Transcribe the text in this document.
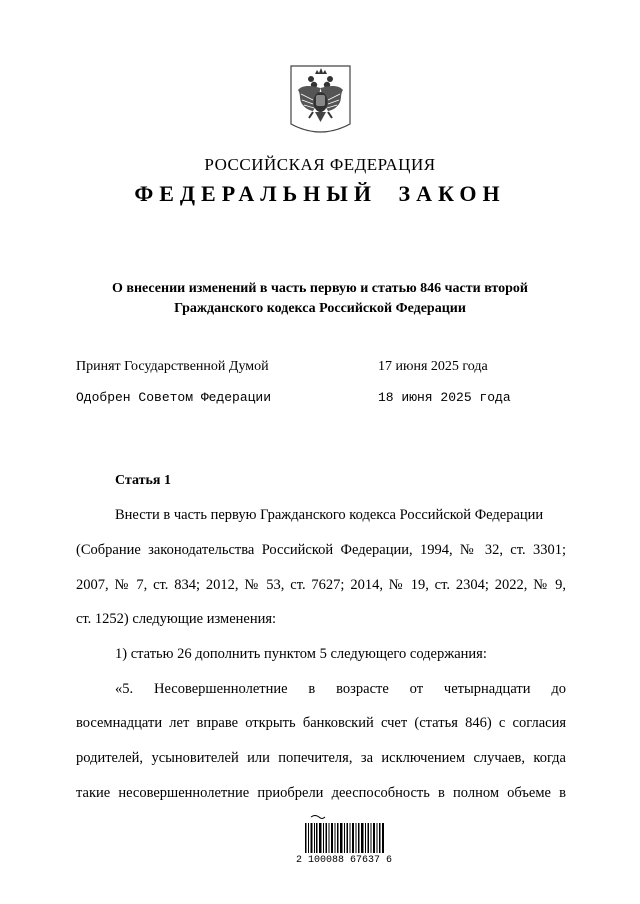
РОССИЙСКАЯ ФЕДЕРАЦИЯ
ФЕДЕРАЛЬНЫЙ ЗАКОН
О внесении изменений в часть первую и статью 846 части второй
Гражданского кодекса Российской Федерации
Принят Государственной Думой	17 июня 2025 года
Одобрен Советом Федерации	18 июня 2025 года
Статья 1
Внести в часть первую Гражданского кодекса Российской Федерации
(Собрание законодательства Российской Федерации, 1994, № 32, ст. 3301;
2007, № 7, ст. 834; 2012, № 53, ст. 7627; 2014, № 19, ст. 2304; 2022, № 9,
ст. 1252) следующие изменения:
1) статью 26 дополнить пунктом 5 следующего содержания:
«5. Несовершеннолетние в возрасте от четырнадцати до
восемнадцати лет вправе открыть банковский счет (статья 846) с согласия
родителей, усыновителей или попечителя, за исключением случаев, когда
такие несовершеннолетние приобрели дееспособность в полном объеме в
2 100088 67637 6
